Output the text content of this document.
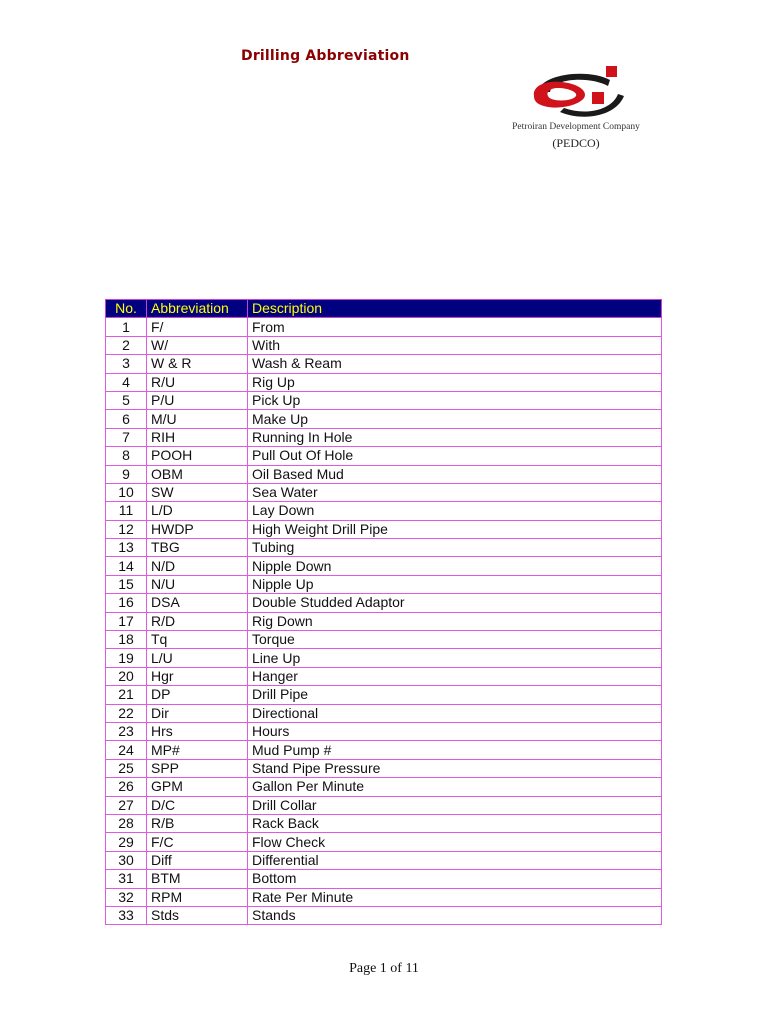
Drilling Abbreviation
Petroiran Development Company
(PEDCO)
No.	Abbreviation	Description
1	F/	From
2	W/	With
3	W & R	Wash & Ream
4	R/U	Rig Up
5	P/U	Pick Up
6	M/U	Make Up
7	RIH	Running In Hole
8	POOH	Pull Out Of Hole
9	OBM	Oil Based Mud
10	SW	Sea Water
11	L/D	Lay Down
12	HWDP	High Weight Drill Pipe
13	TBG	Tubing
14	N/D	Nipple Down
15	N/U	Nipple Up
16	DSA	Double Studded Adaptor
17	R/D	Rig Down
18	Tq	Torque
19	L/U	Line Up
20	Hgr	Hanger
21	DP	Drill Pipe
22	Dir	Directional
23	Hrs	Hours
24	MP#	Mud Pump #
25	SPP	Stand Pipe Pressure
26	GPM	Gallon Per Minute
27	D/C	Drill Collar
28	R/B	Rack Back
29	F/C	Flow Check
30	Diff	Differential
31	BTM	Bottom
32	RPM	Rate Per Minute
33	Stds	Stands
Page 1 of 11
